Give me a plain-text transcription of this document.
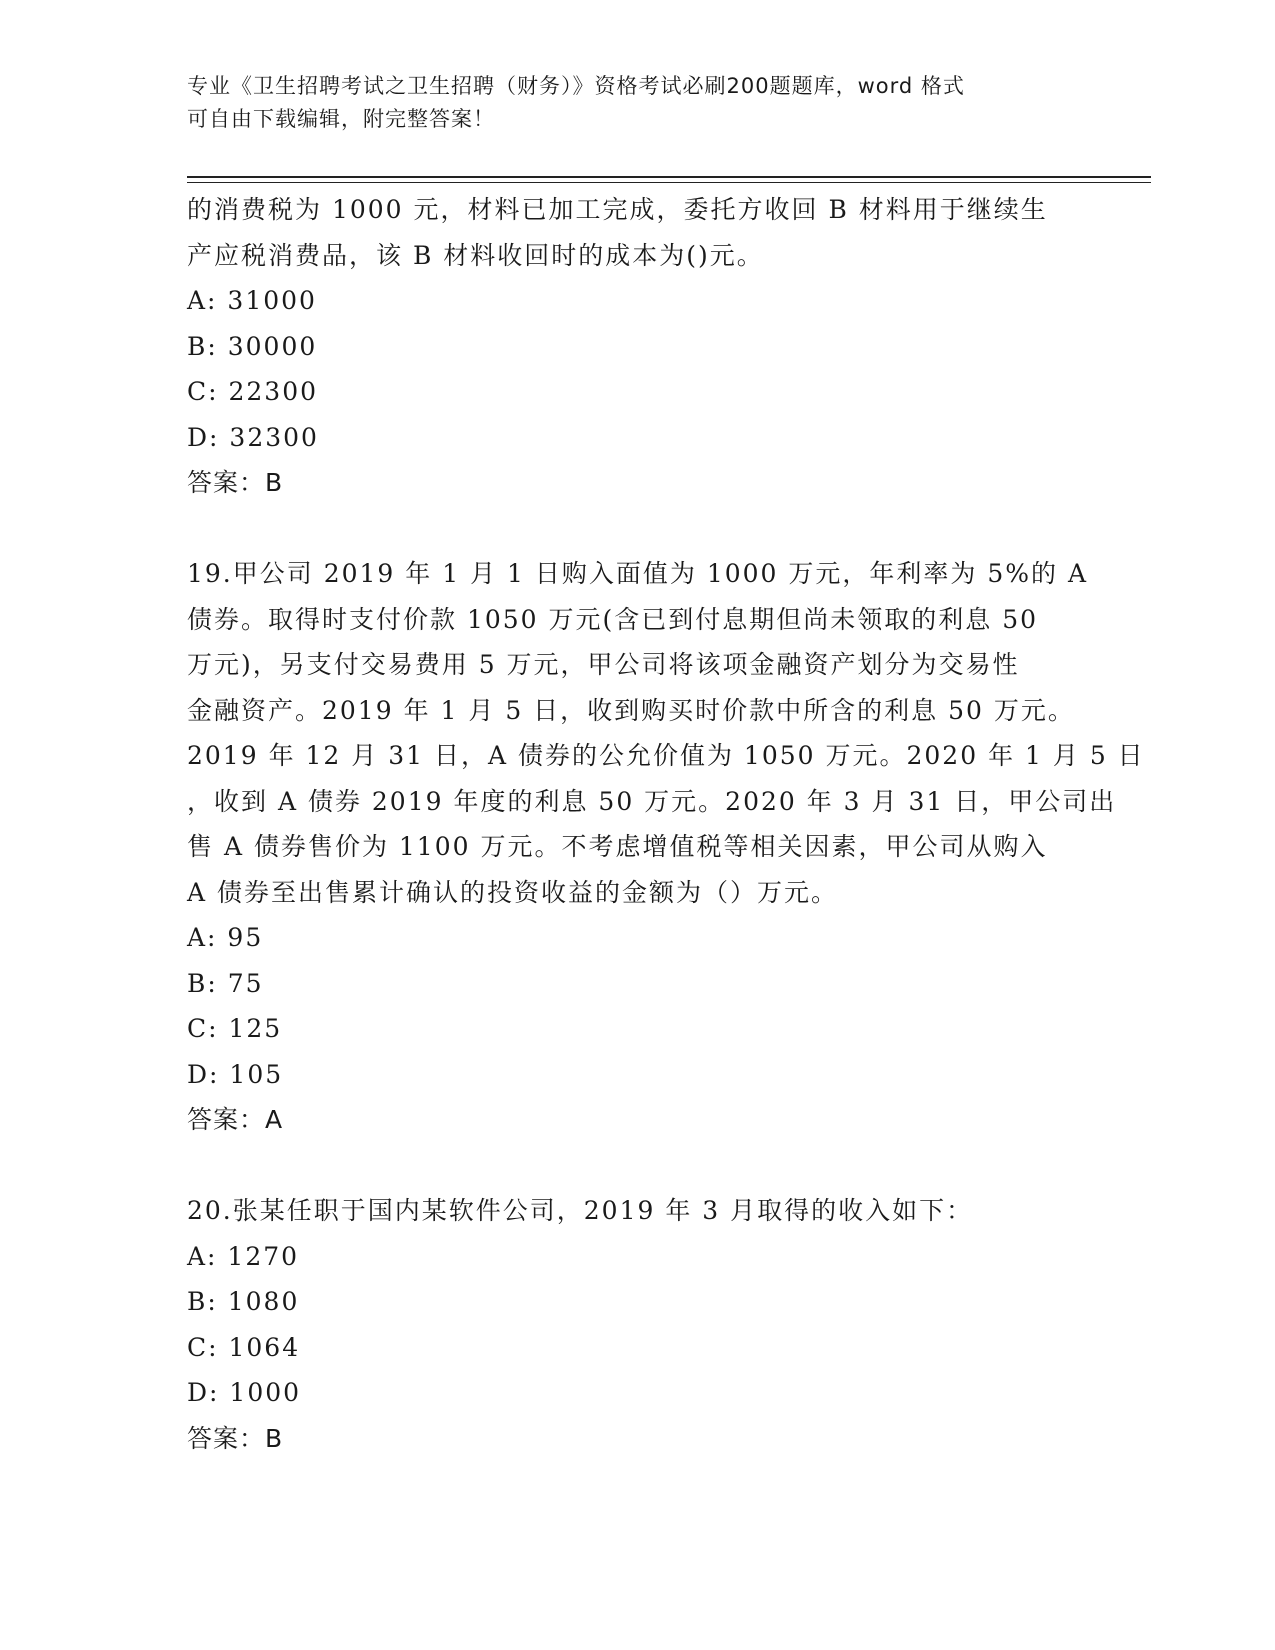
专业《卫生招聘考试之卫生招聘（财务）》资格考试必刷200题题库，word 格式
可自由下载编辑，附完整答案！
的消费税为 1000 元，材料已加工完成，委托方收回 B 材料用于继续生
产应税消费品，该 B 材料收回时的成本为()元。
A: 31000
B: 30000
C: 22300
D: 32300
答案：B
19.甲公司 2019 年 1 月 1 日购入面值为 1000 万元，年利率为 5%的 A
债券。取得时支付价款 1050 万元(含已到付息期但尚未领取的利息 50
万元)，另支付交易费用 5 万元，甲公司将该项金融资产划分为交易性
金融资产。2019 年 1 月 5 日，收到购买时价款中所含的利息 50 万元。
2019 年 12 月 31 日，A 债券的公允价值为 1050 万元。2020 年 1 月 5 日
，收到 A 债券 2019 年度的利息 50 万元。2020 年 3 月 31 日，甲公司出
售 A 债券售价为 1100 万元。不考虑增值税等相关因素，甲公司从购入
A 债券至出售累计确认的投资收益的金额为（）万元。
A: 95
B: 75
C: 125
D: 105
答案：A
20.张某任职于国内某软件公司，2019 年 3 月取得的收入如下：
A: 1270
B: 1080
C: 1064
D: 1000
答案：B
